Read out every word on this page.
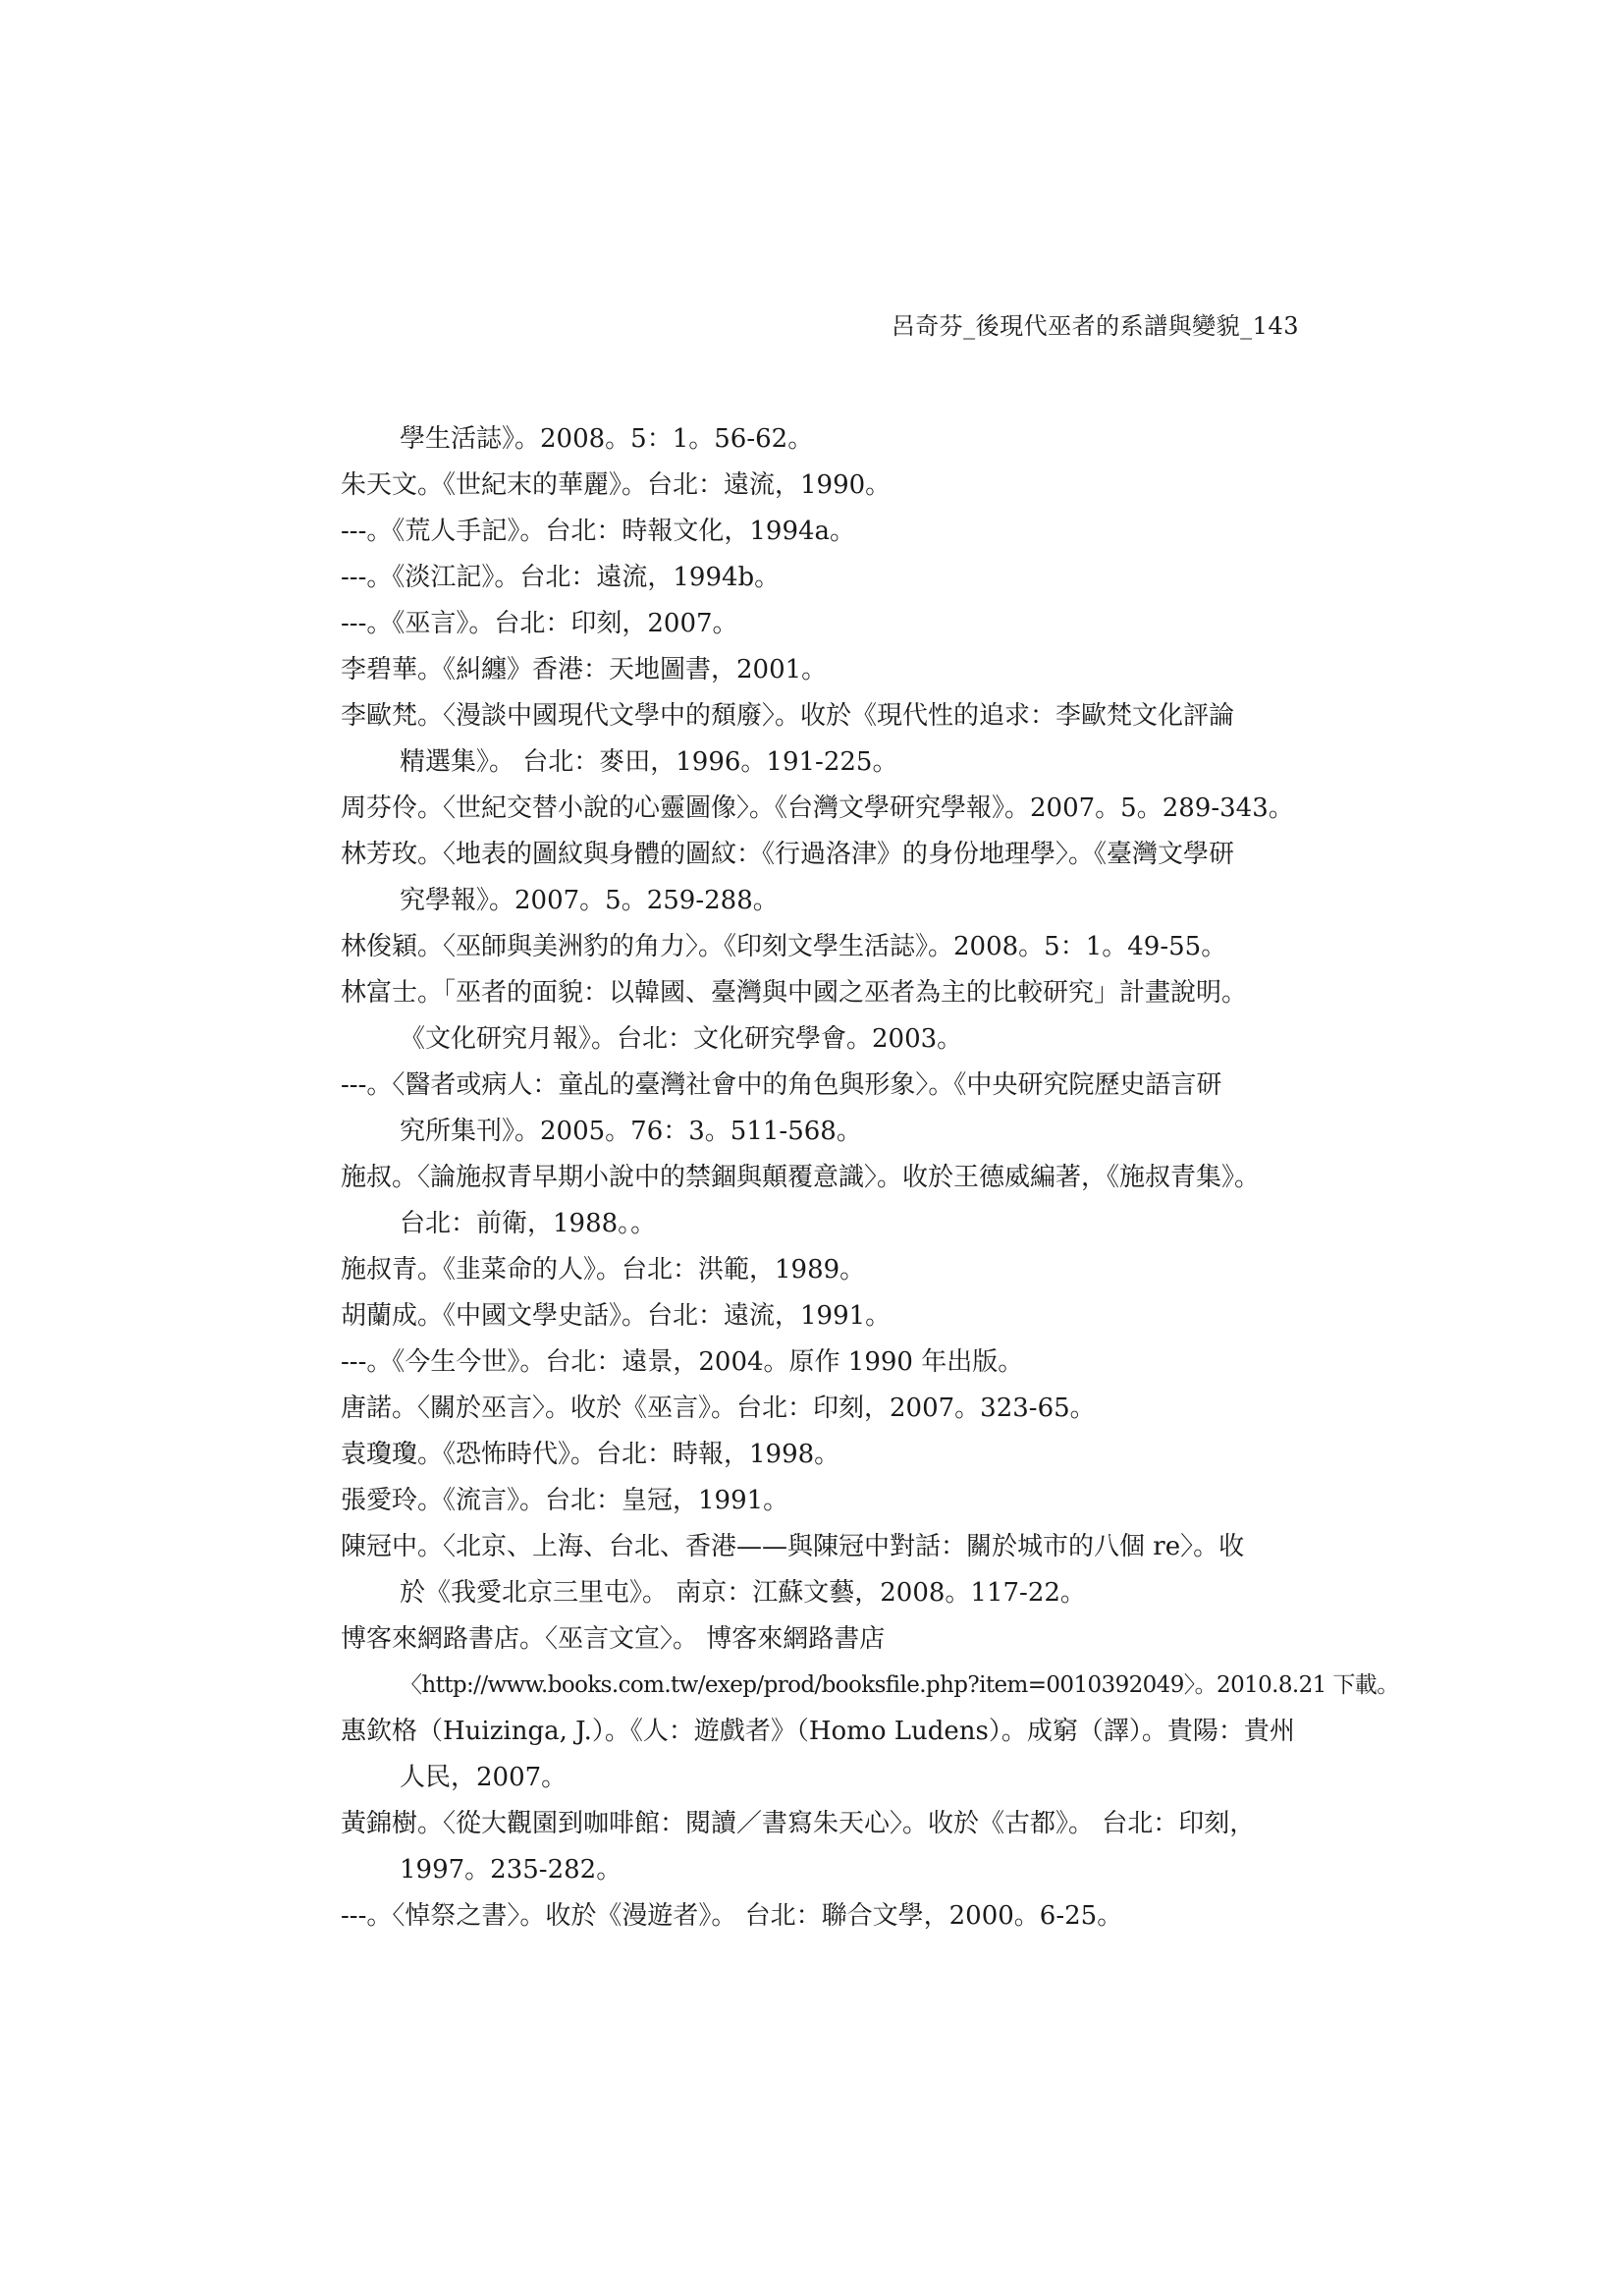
呂奇芬_後現代巫者的系譜與變貌_143
學生活誌》。2008。5：1。56-62。
朱天文。《世紀末的華麗》。台北：遠流，1990。
---。《荒人手記》。台北：時報文化，1994a。
---。《淡江記》。台北：遠流，1994b。
---。《巫言》。台北：印刻，2007。
李碧華。《糾纏》香港：天地圖書，2001。
李歐梵。〈漫談中國現代文學中的頹廢〉。收於《現代性的追求：李歐梵文化評論
精選集》。 台北：麥田，1996。191-225。
周芬伶。〈世紀交替小說的心靈圖像〉。《台灣文學研究學報》。2007。5。289-343。
林芳玫。〈地表的圖紋與身體的圖紋：《行過洛津》的身份地理學〉。《臺灣文學研
究學報》。2007。5。259-288。
林俊穎。〈巫師與美洲豹的角力〉。《印刻文學生活誌》。2008。5：1。49-55。
林富士。「巫者的面貌：以韓國、臺灣與中國之巫者為主的比較研究」計畫說明。
《文化研究月報》。台北：文化研究學會。2003。
---。〈醫者或病人：童乩的臺灣社會中的角色與形象〉。《中央研究院歷史語言研
究所集刊》。2005。76：3。511-568。
施叔。〈論施叔青早期小說中的禁錮與顛覆意識〉。收於王德威編著，《施叔青集》。
台北：前衛，1988。。
施叔青。《韭菜命的人》。台北：洪範，1989。
胡蘭成。《中國文學史話》。台北：遠流，1991。
---。《今生今世》。台北：遠景，2004。原作 1990 年出版。
唐諾。〈關於巫言〉。收於《巫言》。台北：印刻，2007。323-65。
袁瓊瓊。《恐怖時代》。台北：時報，1998。
張愛玲。《流言》。台北：皇冠，1991。
陳冠中。〈北京、上海、台北、香港——與陳冠中對話：關於城市的八個 re〉。收
於《我愛北京三里屯》。 南京：江蘇文藝，2008。117-22。
博客來網路書店。〈巫言文宣〉。 博客來網路書店
〈http://www.books.com.tw/exep/prod/booksfile.php?item=0010392049〉。2010.8.21 下載。
惠欽格（Huizinga, J.）。《人：遊戲者》（Homo Ludens）。成窮（譯）。貴陽：貴州
人民，2007。
黃錦樹。〈從大觀園到咖啡館：閱讀／書寫朱天心〉。收於《古都》。 台北：印刻，
1997。235-282。
---。〈悼祭之書〉。收於《漫遊者》。 台北：聯合文學，2000。6-25。
